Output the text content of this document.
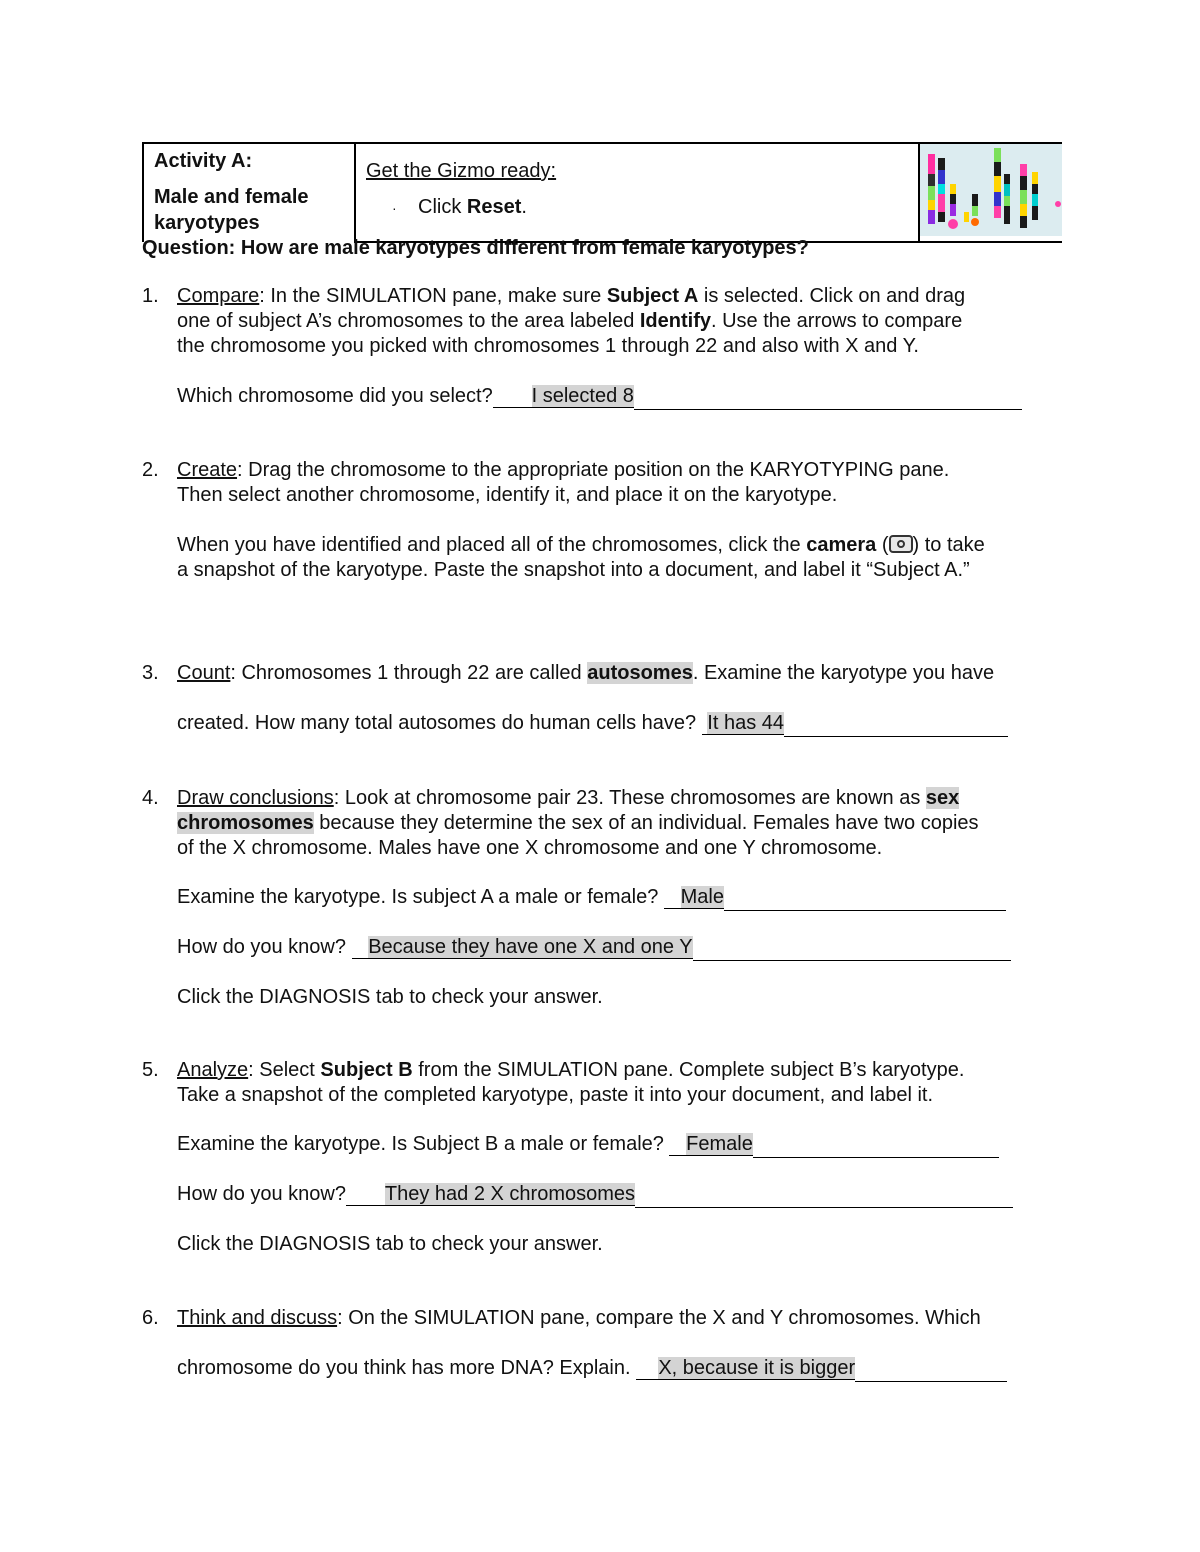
Activity A:
Male and female karyotypes

Get the Gizmo ready:
· Click Reset.

Question: How are male karyotypes different from female karyotypes?
1. Compare: In the SIMULATION pane, make sure Subject A is selected. Click on and drag
one of subject A’s chromosomes to the area labeled Identify. Use the arrows to compare
the chromosome you picked with chromosomes 1 through 22 and also with X and Y.
Which chromosome did you select? I selected 8
2. Create: Drag the chromosome to the appropriate position on the KARYOTYPING pane.
Then select another chromosome, identify it, and place it on the karyotype.
When you have identified and placed all of the chromosomes, click the camera ( ) to take
a snapshot of the karyotype. Paste the snapshot into a document, and label it “Subject A.”
3. Count: Chromosomes 1 through 22 are called autosomes. Examine the karyotype you have
created. How many total autosomes do human cells have?  It has 44
4. Draw conclusions: Look at chromosome pair 23. These chromosomes are known as sex
chromosomes because they determine the sex of an individual. Females have two copies
of the X chromosome. Males have one X chromosome and one Y chromosome.
Examine the karyotype. Is subject A a male or female?    Male
How do you know?    Because they have one X and one Y
Click the DIAGNOSIS tab to check your answer.
5. Analyze: Select Subject B from the SIMULATION pane. Complete subject B’s karyotype.
Take a snapshot of the completed karyotype, paste it into your document, and label it.
Examine the karyotype. Is Subject B a male or female?    Female
How do you know? They had 2 X chromosomes
Click the DIAGNOSIS tab to check your answer.
6. Think and discuss: On the SIMULATION pane, compare the X and Y chromosomes. Which
chromosome do you think has more DNA? Explain.     X, because it is bigger
